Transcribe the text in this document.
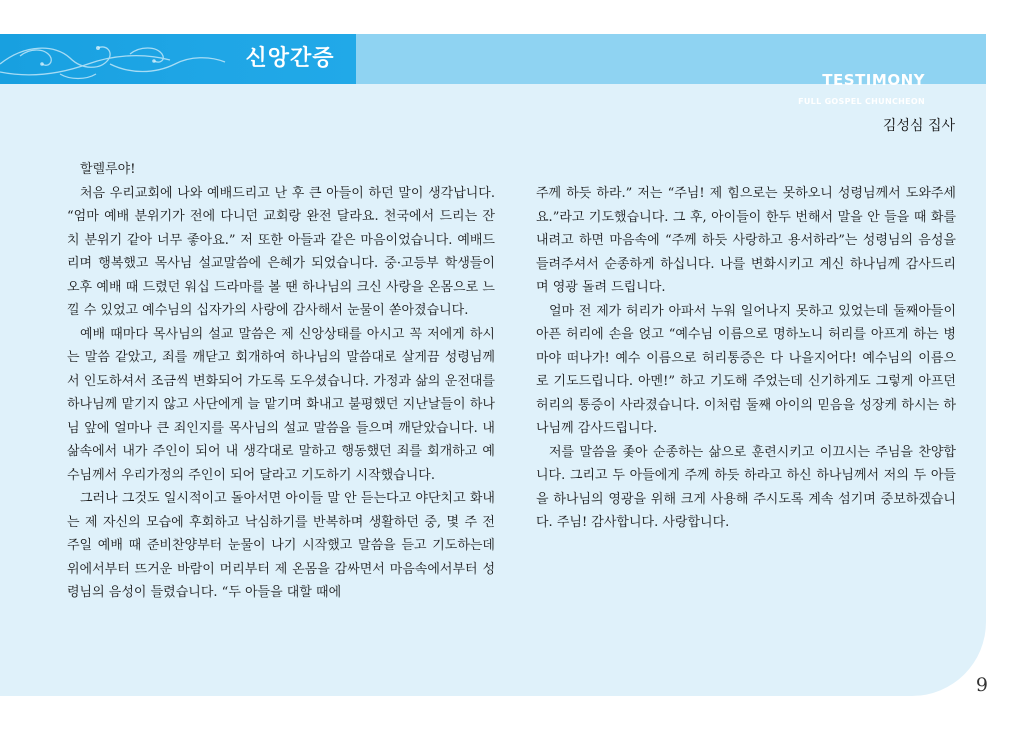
TESTIMONY
FULL GOSPEL CHUNCHEON
신앙간증
김성심 집사

할렐루야!

처음 우리교회에 나와 예배드리고 난 후 큰 아들이 하던 말이 생각납니다. “엄마 예배 분위기가 전에 다니던 교회랑 완전 달라요. 천국에서 드리는 잔치 분위기 같아 너무 좋아요.” 저 또한 아들과 같은 마음이었습니다. 예배드리며 행복했고 목사님 설교말씀에 은혜가 되었습니다. 중·고등부 학생들이 오후 예배 때 드렸던 워십 드라마를 볼 땐 하나님의 크신 사랑을 온몸으로 느낄 수 있었고 예수님의 십자가의 사랑에 감사해서 눈물이 쏟아졌습니다.

예배 때마다 목사님의 설교 말씀은 제 신앙상태를 아시고 꼭 저에게 하시는 말씀 같았고, 죄를 깨닫고 회개하여 하나님의 말씀대로 살게끔 성령님께서 인도하셔서 조금씩 변화되어 가도록 도우셨습니다. 가정과 삶의 운전대를 하나님께 맡기지 않고 사단에게 늘 맡기며 화내고 불평했던 지난날들이 하나님 앞에 얼마나 큰 죄인지를 목사님의 설교 말씀을 들으며 깨닫았습니다. 내 삶속에서 내가 주인이 되어 내 생각대로 말하고 행동했던 죄를 회개하고 예수님께서 우리가정의 주인이 되어 달라고 기도하기 시작했습니다.

그러나 그것도 일시적이고 돌아서면 아이들 말 안 듣는다고 야단치고 화내는 제 자신의 모습에 후회하고 낙심하기를 반복하며 생활하던 중, 몇 주 전 주일 예배 때 준비찬양부터 눈물이 나기 시작했고 말씀을 듣고 기도하는데 위에서부터 뜨거운 바람이 머리부터 제 온몸을 감싸면서 마음속에서부터 성령님의 음성이 들렸습니다. “두 아들을 대할 때에

주께 하듯 하라.” 저는 “주님! 제 힘으로는 못하오니 성령님께서 도와주세요.”라고 기도했습니다. 그 후, 아이들이 한두 번해서 말을 안 들을 때 화를 내려고 하면 마음속에 “주께 하듯 사랑하고 용서하라”는 성령님의 음성을 들려주셔서 순종하게 하십니다. 나를 변화시키고 계신 하나님께 감사드리며 영광 돌려 드립니다.

얼마 전 제가 허리가 아파서 누워 일어나지 못하고 있었는데 둘째아들이 아픈 허리에 손을 얹고 “예수님 이름으로 명하노니 허리를 아프게 하는 병마야 떠나가! 예수 이름으로 허리통증은 다 나을지어다! 예수님의 이름으로 기도드립니다. 아멘!” 하고 기도해 주었는데 신기하게도 그렇게 아프던 허리의 통증이 사라졌습니다. 이처럼 둘째 아이의 믿음을 성장케 하시는 하나님께 감사드립니다.

저를 말씀을 좇아 순종하는 삶으로 훈련시키고 이끄시는 주님을 찬양합니다. 그리고 두 아들에게 주께 하듯 하라고 하신 하나님께서 저의 두 아들을 하나님의 영광을 위해 크게 사용해 주시도록 계속 섬기며 중보하겠습니다. 주님! 감사합니다. 사랑합니다.

9
